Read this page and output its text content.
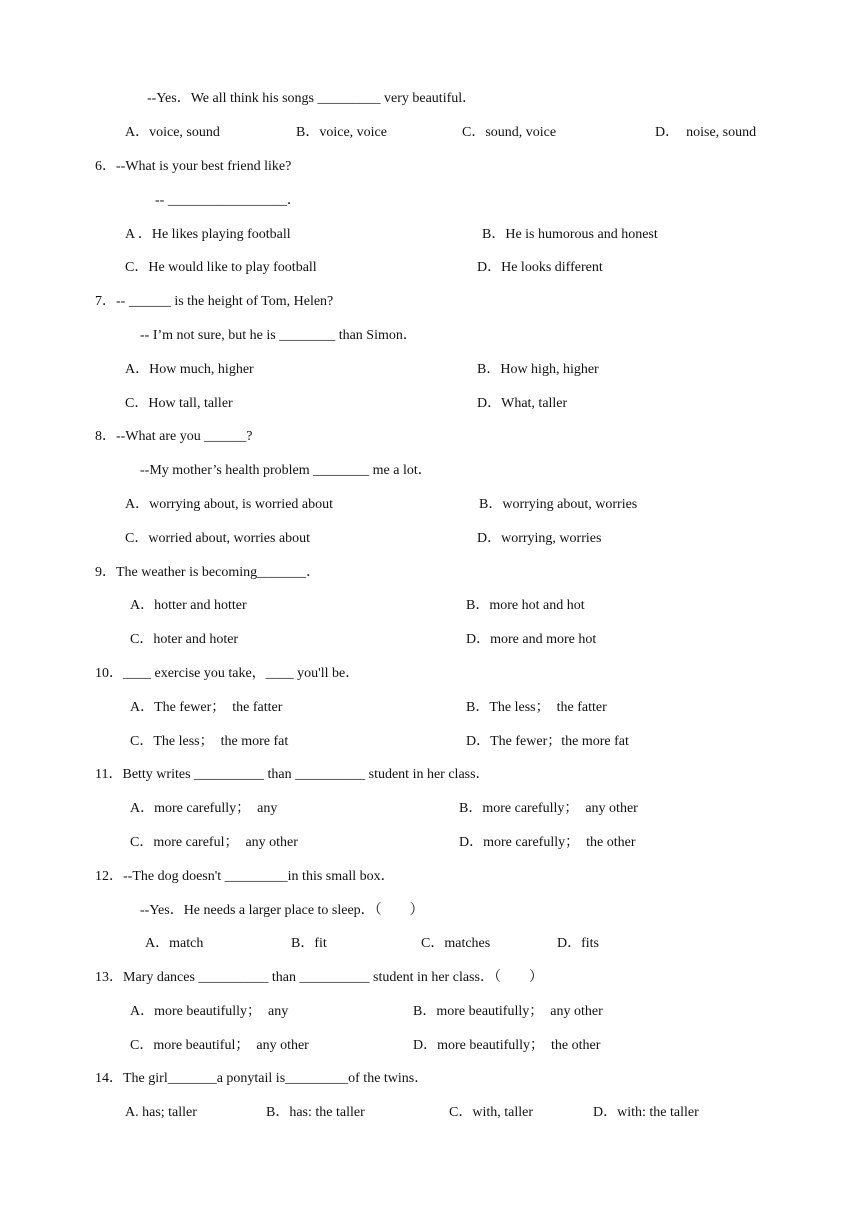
--Yes．We all think his songs _________ very beautiful．
A．voice, sound	B．voice, voice	C．sound, voice	D．　noise, sound
6．--What is your best friend like?
-- _________________．
A ．He likes playing football	B．He is humorous and honest
C．He would like to play football	D．He looks different
7．-- ______ is the height of Tom, Helen?
-- I’m not sure, but he is ________ than Simon．
A．How much, higher	B．How high, higher
C．How tall, taller	D．What, taller
8．--What are you ______?
--My mother’s health problem ________ me a lot．
A．worrying about, is worried about	B．worrying about, worries
C．worried about, worries about	D．worrying, worries
9．The weather is becoming_______．
A．hotter and hotter	B．more hot and hot
C．hoter and hoter	D．more and more hot
10．____ exercise you take，____ you'll be．
A．The fewer；  the fatter	B．The less；  the fatter
C．The less；  the more fat	D．The fewer；the more fat
11．Betty writes __________ than __________ student in her class．
A．more carefully；  any	B．more carefully；  any other
C．more careful；  any other	D．more carefully；  the other
12．--The dog doesn't _________in this small box．
--Yes．He needs a larger place to sleep．（　　）
A．match	B．fit	C．matches	D．fits
13．Mary dances __________ than __________ student in her class．（　　）
A．more beautifully；  any	B．more beautifully；  any other
C．more beautiful；  any other	D．more beautifully；  the other
14．The girl_______a ponytail is_________of the twins．
A. has; taller	B．has: the taller	C．with, taller	D．with: the taller
